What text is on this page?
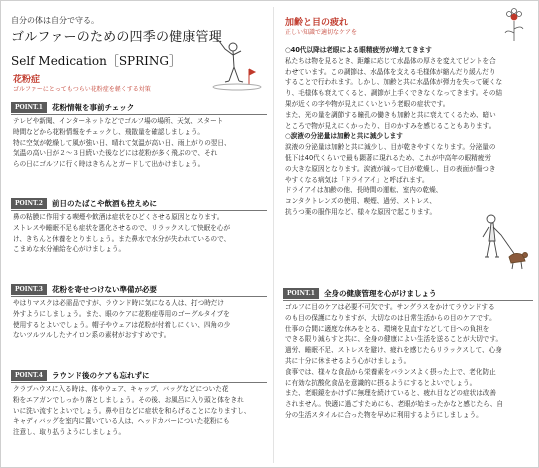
自分の体は自分で守る。
ゴルファーのための四季の健康管理
Self Medication［SPRING］
花粉症
ゴルファーにとってもつらい花粉症を軽くする対策
POINT.1	花粉情報を事前チェック

テレビや新聞、インターネットなどでゴルフ場の場所、天気、スタート

時間などから花粉情報をチェックし、飛散量を確認しましょう。

特に空気が乾燥して風が強い日、晴れて気温が高い日、雨上がりの翌日、

気温の高い日が２～３日続いた後などには花粉が多く飛ぶので、それ

らの日にゴルフに行く時はきちんとガードして出かけましょう。

POINT.2	前日のたばこや飲酒も控えめに

鼻の粘膜に作用する喫煙や飲酒は症状をひどくさせる原因となります。

ストレスや睡眠不足も症状を悪化させるので、リラックスして快眠を心が

け、きちんと休養をとりましょう。また鼻水で水分が失われているので、

こまめな水分補給を心がけましょう。

POINT.3	花粉を寄せつけない準備が必要

やはりマスクは必需品ですが、ラウンド時に気になる人は、打つ時だけ

外すようにしましょう。また、眼のケアに花粉症専用のゴーグルタイプを

使用するとよいでしょう。帽子やウェアは花粉が付着しにくい、四角の少

ないツルツルしたナイロン系の素材がおすすめです。

POINT.4	ラウンド後のケアも忘れずに

クラブハウスに入る時は、体やウェア、キャップ、バッグなどについた花

粉をエアガンでしっかり落としましょう。その後、お風呂に入り頭と体をきれ

いに洗い流すとよいでしょう。鼻や目などに症状を和らげることになりますし、

キャディバッグを室内に置いている人は、ヘッドカバーについた花粉にも

注意し、取り払うようにしましょう。

加齢と目の疲れ
正しい知識で適切なケアを

○40代以降は老眼による眼精疲労が増えてきます

私たちは物を見るとき、距離に応じて水晶体の厚さを変えてピントを合

わせています。この調節は、水晶体を支える毛様体が縮んだり緩んだり

することで行われます。しかし、加齢と共に水晶体が弾力を失って硬くな

り、毛様体も衰えてくると、調節が上手くできなくなってきます。その結

果が近くの字や物が見えにくいという老眼の症状です。

また、光の量を調節する瞳孔の働きも加齢と共に衰えてくるため、暗い

ところで物が見えにくかったり、目のかすみを感じることもあります。

○涙液の分泌量は加齢と共に減少します

涙液の分泌量は加齢と共に減少し、目が乾きやすくなります。分泌量の

低下は40代くらいで最も顕著に現れるため、これが中高年の眼精疲労

の大きな原因となります。涙液が減って目が乾燥し、目の表面が傷つき

やすくなる病気は「ドライアイ」と呼ばれます。

ドライアイは加齢の他、長時間の運転、室内の乾燥、

コンタクトレンズの使用、喫煙、過労、ストレス、

抗うつ薬の服作用など、様々な原因で起こります。

POINT.1	全身の健康管理を心がけましょう

ゴルフに目のケアは必要不可欠です。サングラスをかけてラウンドする

のも目の保護になりますが、大切なのは日常生活からの目のケアです。

仕事の合間に適度な休みをとる、環境を見直すなどして目への負担を

できる限り減らすと共に、全身の健康によい生活を送ることが大切です。

過労、睡眠不足、ストレスを避け、疲れを感じたらリラックスして、心身

共に十分に休ませるよう心がけましょう。

食事では、様々な食品から栄養素をバランスよく摂った上で、老化防止

に有効な抗酸化食品を意識的に摂るようにするとよいでしょう。

また、老眼鏡をかけずに無理を続けていると、疲れ目などの症状は改善

されません。快適に過ごすためにも、老眼が始まったかなと感じたら、自

分の生活スタイルに合った物を早めに利用するようにしましょう。
